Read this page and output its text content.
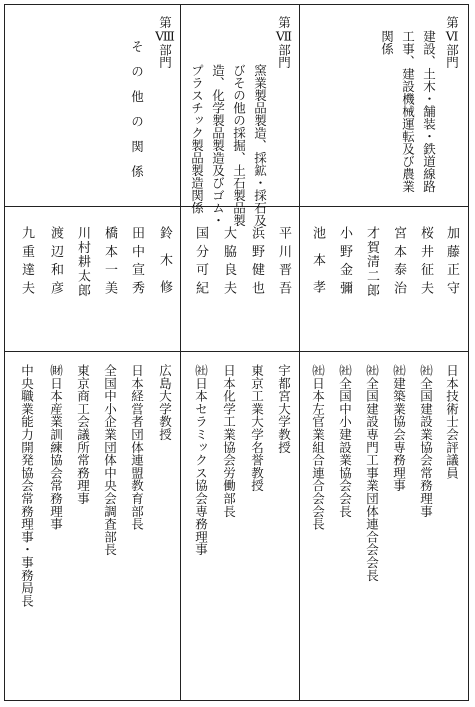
第Ⅵ部門
建設、土木・舗装・鉄道線路
工事、建設機械運転及び農業
関係
第Ⅶ部門
窯業製品製造、採鉱・採石及
びその他の採掘、土石製品製
造、化学製品製造及びゴム・
プラスチック製品製造関係
第Ⅷ部門
そ　の　他　の　関　係
加藤正守
桜井征夫
宮本泰治
才賀清二郎
小野金彌
池本孝
平川晋吾
浜野健也
大脇良夫
国分可紀
鈴木修
田中宣秀
橋本一美
川村耕太郎
渡辺和彦
九重達夫
日本技術士会評議員
㈳全国建設業協会常務理事
㈳建築業協会専務理事
㈳全国建設専門工事業団体連合会会長
㈳全国中小建設業協会会長
㈳日本左官業組合連合会会長
宇都宮大学教授
東京工業大学名誉教授
日本化学工業協会労働部長
㈳日本セラミックス協会専務理事
広島大学教授
日本経営者団体連盟教育部長
全国中小企業団体中央会調査部長
東京商工会議所常務理事
㈶日本産業訓練協会常務理事
中央職業能力開発協会常務理事・事務局長
